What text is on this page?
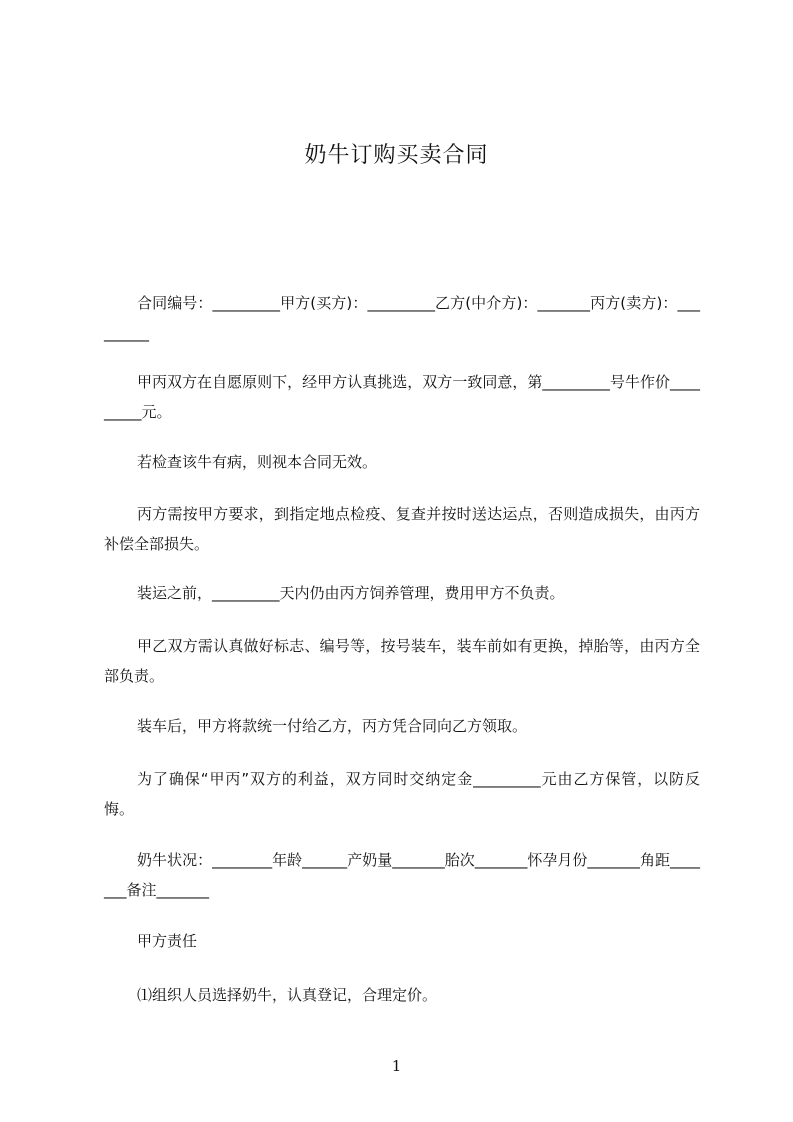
奶牛订购买卖合同

合同编号：_________甲方(买方)：_________乙方(中介方)：_______丙方(卖方)：_________

甲丙双方在自愿原则下，经甲方认真挑选，双方一致同意，第_________号牛作价_________元。

若检查该牛有病，则视本合同无效。

丙方需按甲方要求，到指定地点检疫、复查并按时送达运点，否则造成损失，由丙方补偿全部损失。

装运之前，_________天内仍由丙方饲养管理，费用甲方不负责。

甲乙双方需认真做好标志、编号等，按号装车，装车前如有更换，掉胎等，由丙方全部负责。

装车后，甲方将款统一付给乙方，丙方凭合同向乙方领取。

为了确保“甲丙”双方的利益，双方同时交纳定金_________元由乙方保管，以防反悔。

奶牛状况：________年龄______产奶量_______胎次_______怀孕月份_______角距_______备注_______

甲方责任

⑴组织人员选择奶牛，认真登记，合理定价。

1
